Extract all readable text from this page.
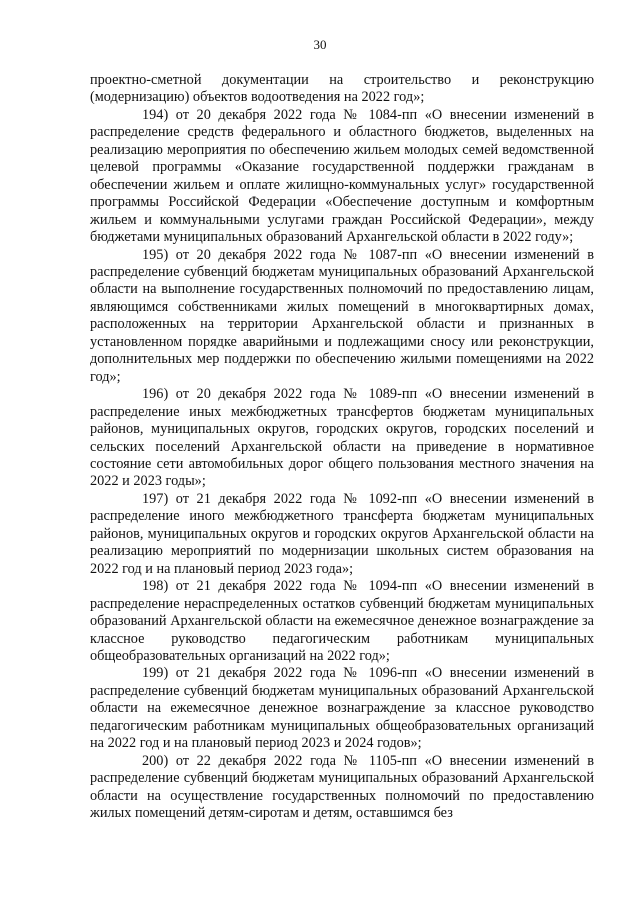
30

проектно-сметной документации на строительство и реконструкцию (модернизацию) объектов водоотведения на 2022 год»;

194) от 20 декабря 2022 года № 1084-пп «О внесении изменений в распределение средств федерального и областного бюджетов, выделенных на реализацию мероприятия по обеспечению жильем молодых семей ведомственной целевой программы «Оказание государственной поддержки гражданам в обеспечении жильем и оплате жилищно-коммунальных услуг» государственной программы Российской Федерации «Обеспечение доступным и комфортным жильем и коммунальными услугами граждан Российской Федерации», между бюджетами муниципальных образований Архангельской области в 2022 году»;

195) от 20 декабря 2022 года № 1087-пп «О внесении изменений в распределение субвенций бюджетам муниципальных образований Архангельской области на выполнение государственных полномочий по предоставлению лицам, являющимся собственниками жилых помещений в многоквартирных домах, расположенных на территории Архангельской области и признанных в установленном порядке аварийными и подлежащими сносу или реконструкции, дополнительных мер поддержки по обеспечению жилыми помещениями на 2022 год»;

196) от 20 декабря 2022 года № 1089-пп «О внесении изменений в распределение иных межбюджетных трансфертов бюджетам муниципальных районов, муниципальных округов, городских округов, городских поселений и сельских поселений Архангельской области на приведение в нормативное состояние сети автомобильных дорог общего пользования местного значения на 2022 и 2023 годы»;

197) от 21 декабря 2022 года № 1092-пп «О внесении изменений в распределение иного межбюджетного трансферта бюджетам муниципальных районов, муниципальных округов и городских округов Архангельской области на реализацию мероприятий по модернизации школьных систем образования на 2022 год и на плановый период 2023 года»;

198) от 21 декабря 2022 года № 1094-пп «О внесении изменений в распределение нераспределенных остатков субвенций бюджетам муниципальных образований Архангельской области на ежемесячное денежное вознаграждение за классное руководство педагогическим работникам муниципальных общеобразовательных организаций на 2022 год»;

199) от 21 декабря 2022 года № 1096-пп «О внесении изменений в распределение субвенций бюджетам муниципальных образований Архангельской области на ежемесячное денежное вознаграждение за классное руководство педагогическим работникам муниципальных общеобразовательных организаций на 2022 год и на плановый период 2023 и 2024 годов»;

200) от 22 декабря 2022 года № 1105-пп «О внесении изменений в распределение субвенций бюджетам муниципальных образований Архангельской области на осуществление государственных полномочий по предоставлению жилых помещений детям-сиротам и детям, оставшимся без
